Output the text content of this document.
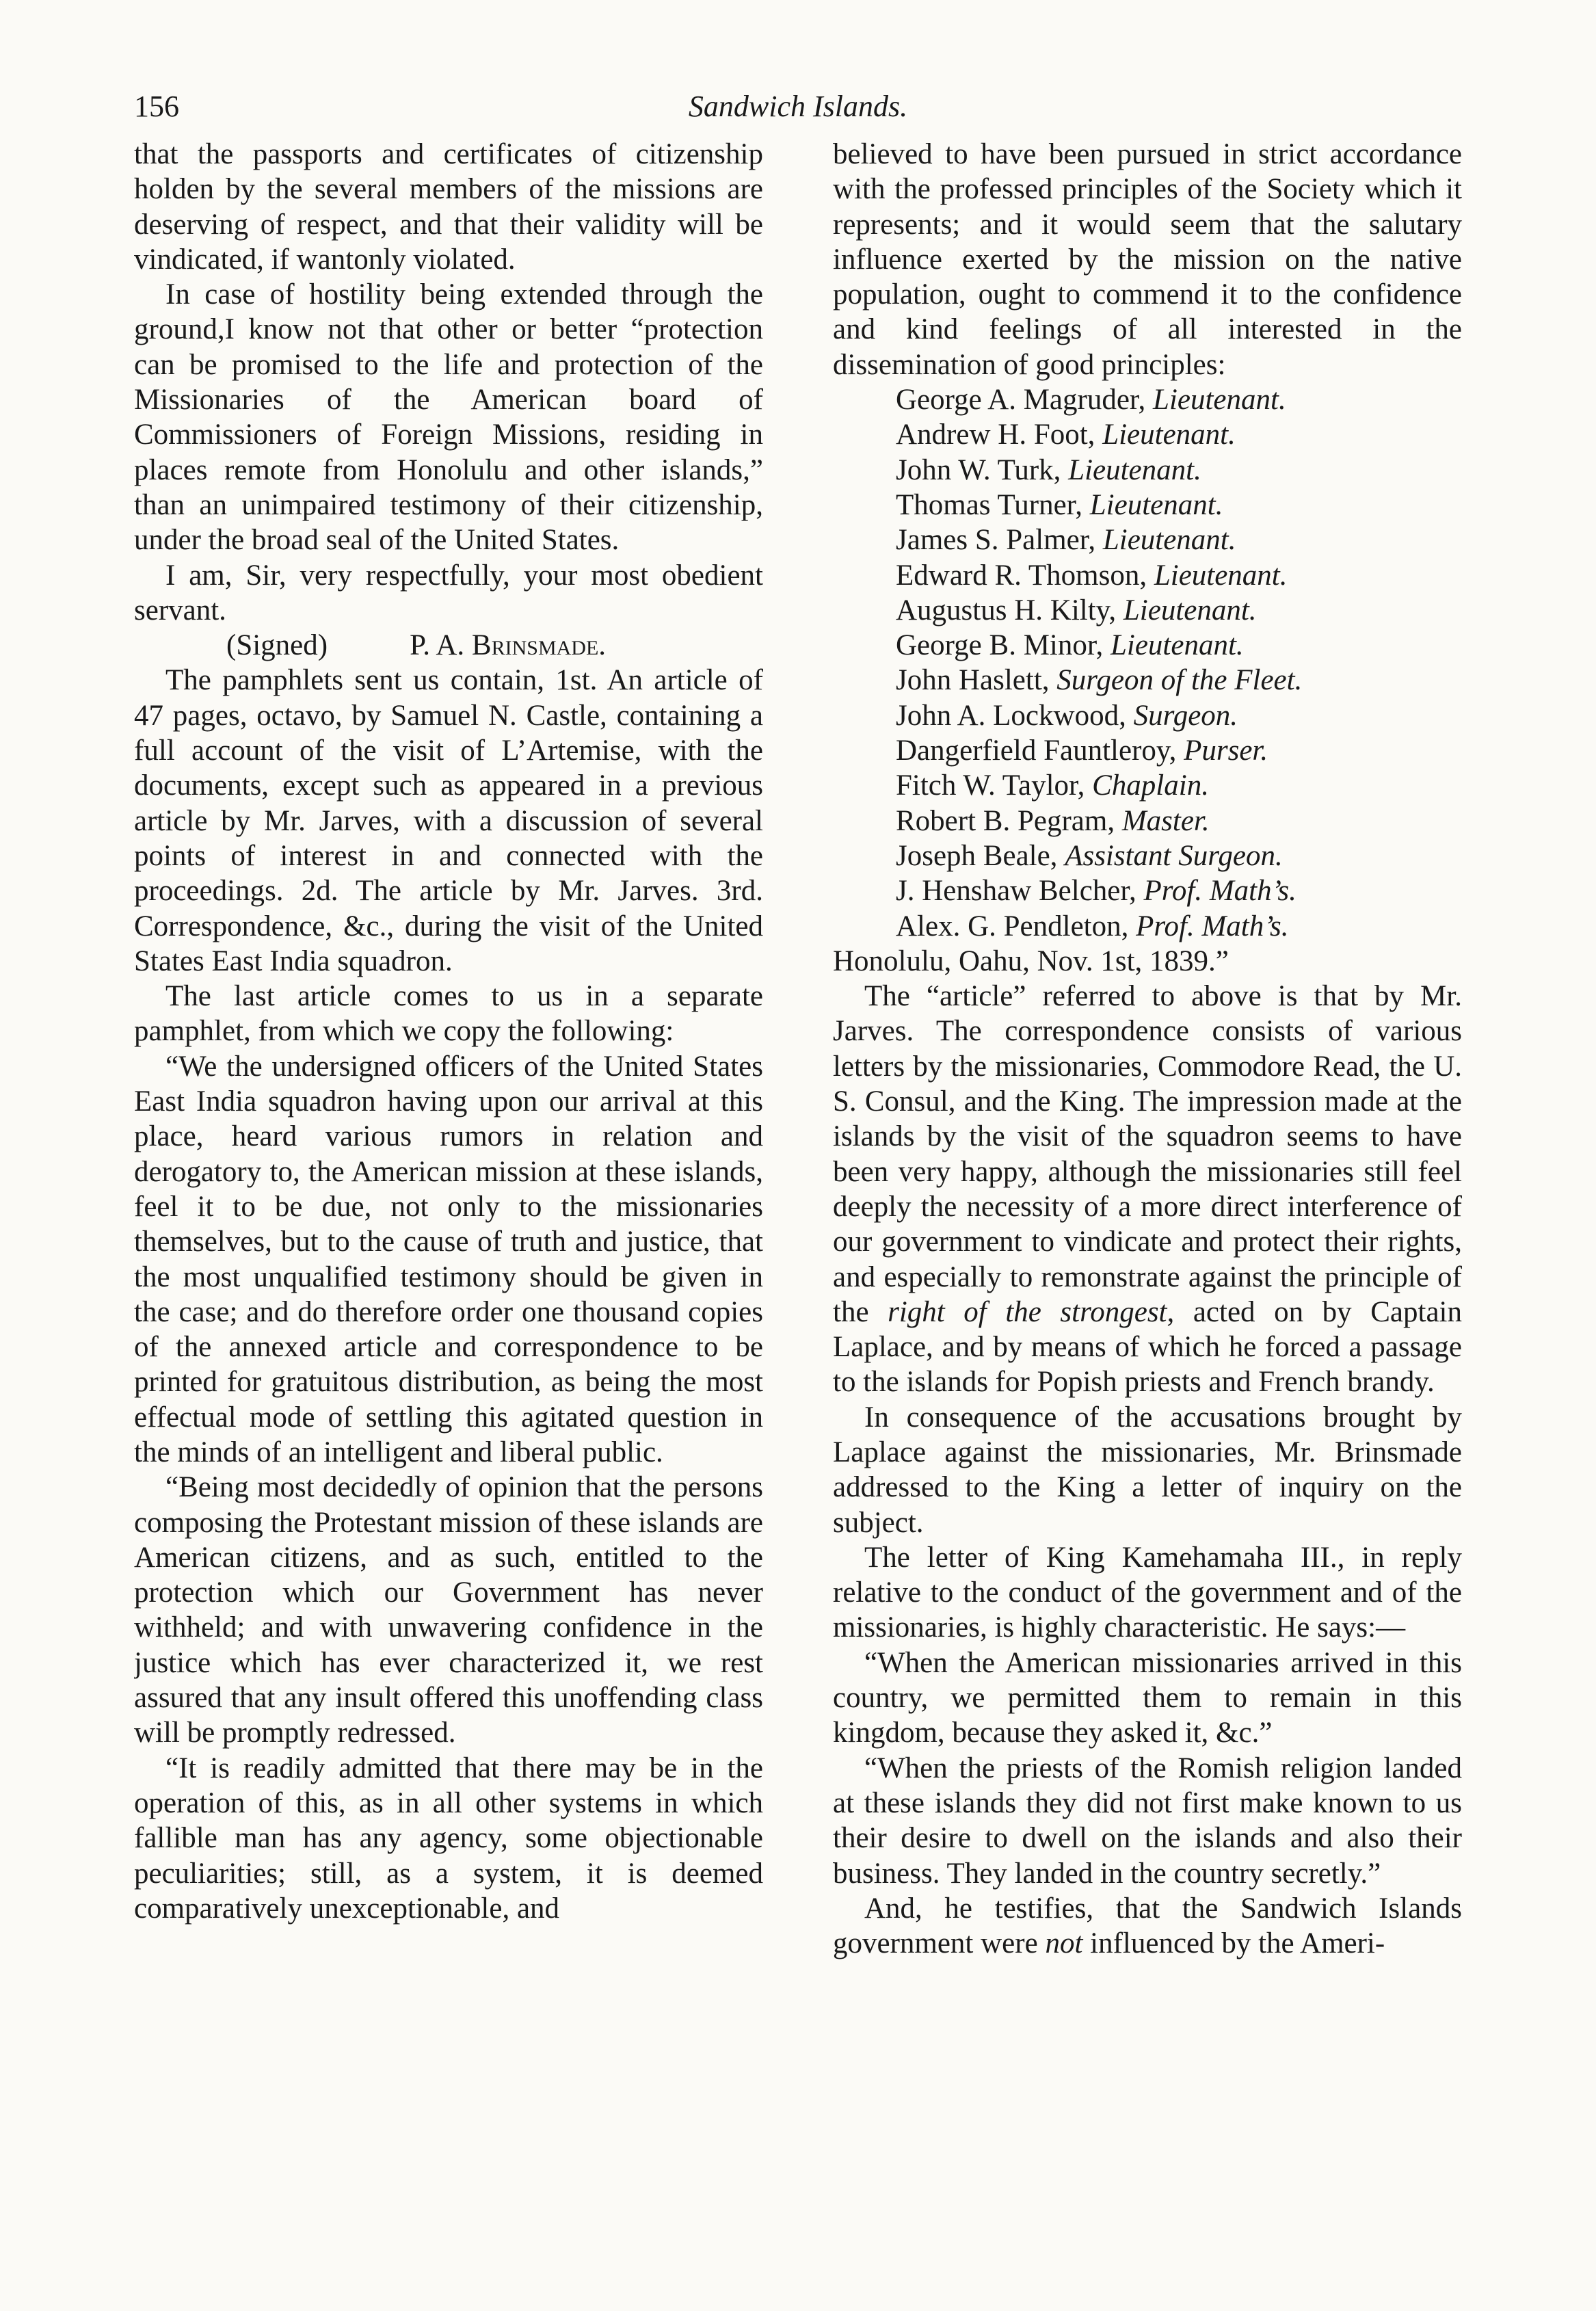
156	Sandwich Islands.

that the passports and certificates of citizenship holden by the several members of the missions are deserving of respect, and that their validity will be vindicated, if wantonly violated.

In case of hostility being extended through the ground,I know not that other or better “protection can be promised to the life and protection of the Missionaries of the American board of Commissioners of Foreign Missions, residing in places remote from Honolulu and other islands,” than an unimpaired testimony of their citizenship, under the broad seal of the United States.

I am, Sir, very respectfully, your most obedient servant.

(Signed)	P. A. Brinsmade.

The pamphlets sent us contain, 1st. An article of 47 pages, octavo, by Samuel N. Castle, containing a full account of the visit of L’Artemise, with the documents, except such as appeared in a previous article by Mr. Jarves, with a discussion of several points of interest in and connected with the proceedings. 2d. The article by Mr. Jarves. 3rd. Correspondence, &c., during the visit of the United States East India squadron.

The last article comes to us in a separate pamphlet, from which we copy the following:

“We the undersigned officers of the United States East India squadron having upon our arrival at this place, heard various rumors in relation and derogatory to, the American mission at these islands, feel it to be due, not only to the missionaries themselves, but to the cause of truth and justice, that the most unqualified testimony should be given in the case; and do therefore order one thousand copies of the annexed article and correspondence to be printed for gratuitous distribution, as being the most effectual mode of settling this agitated question in the minds of an intelligent and liberal public.

“Being most decidedly of opinion that the persons composing the Protestant mission of these islands are American citizens, and as such, entitled to the protection which our Government has never withheld; and with unwavering confidence in the justice which has ever characterized it, we rest assured that any insult offered this unoffending class will be promptly redressed.

“It is readily admitted that there may be in the operation of this, as in all other systems in which fallible man has any agency, some objectionable peculiarities; still, as a system, it is deemed comparatively unexceptionable, and

believed to have been pursued in strict accordance with the professed principles of the Society which it represents; and it would seem that the salutary influence exerted by the mission on the native population, ought to commend it to the confidence and kind feelings of all interested in the dissemination of good principles:

George A. Magruder, Lieutenant.
Andrew H. Foot, Lieutenant.
John W. Turk, Lieutenant.
Thomas Turner, Lieutenant.
James S. Palmer, Lieutenant.
Edward R. Thomson, Lieutenant.
Augustus H. Kilty, Lieutenant.
George B. Minor, Lieutenant.
John Haslett, Surgeon of the Fleet.
John A. Lockwood, Surgeon.
Dangerfield Fauntleroy, Purser.
Fitch W. Taylor, Chaplain.
Robert B. Pegram, Master.
Joseph Beale, Assistant Surgeon.
J. Henshaw Belcher, Prof. Math’s.
Alex. G. Pendleton, Prof. Math’s.

Honolulu, Oahu, Nov. 1st, 1839.”

The “article” referred to above is that by Mr. Jarves. The correspondence consists of various letters by the missionaries, Commodore Read, the U. S. Consul, and the King. The impression made at the islands by the visit of the squadron seems to have been very happy, although the missionaries still feel deeply the necessity of a more direct interference of our government to vindicate and protect their rights, and especially to remonstrate against the principle of the right of the strongest, acted on by Captain Laplace, and by means of which he forced a passage to the islands for Popish priests and French brandy.

In consequence of the accusations brought by Laplace against the missionaries, Mr. Brinsmade addressed to the King a letter of inquiry on the subject.

The letter of King Kamehamaha III., in reply relative to the conduct of the government and of the missionaries, is highly characteristic. He says:—

“When the American missionaries arrived in this country, we permitted them to remain in this kingdom, because they asked it, &c.”

“When the priests of the Romish religion landed at these islands they did not first make known to us their desire to dwell on the islands and also their business. They landed in the country secretly.”

And, he testifies, that the Sandwich Islands government were not influenced by the Ameri-
